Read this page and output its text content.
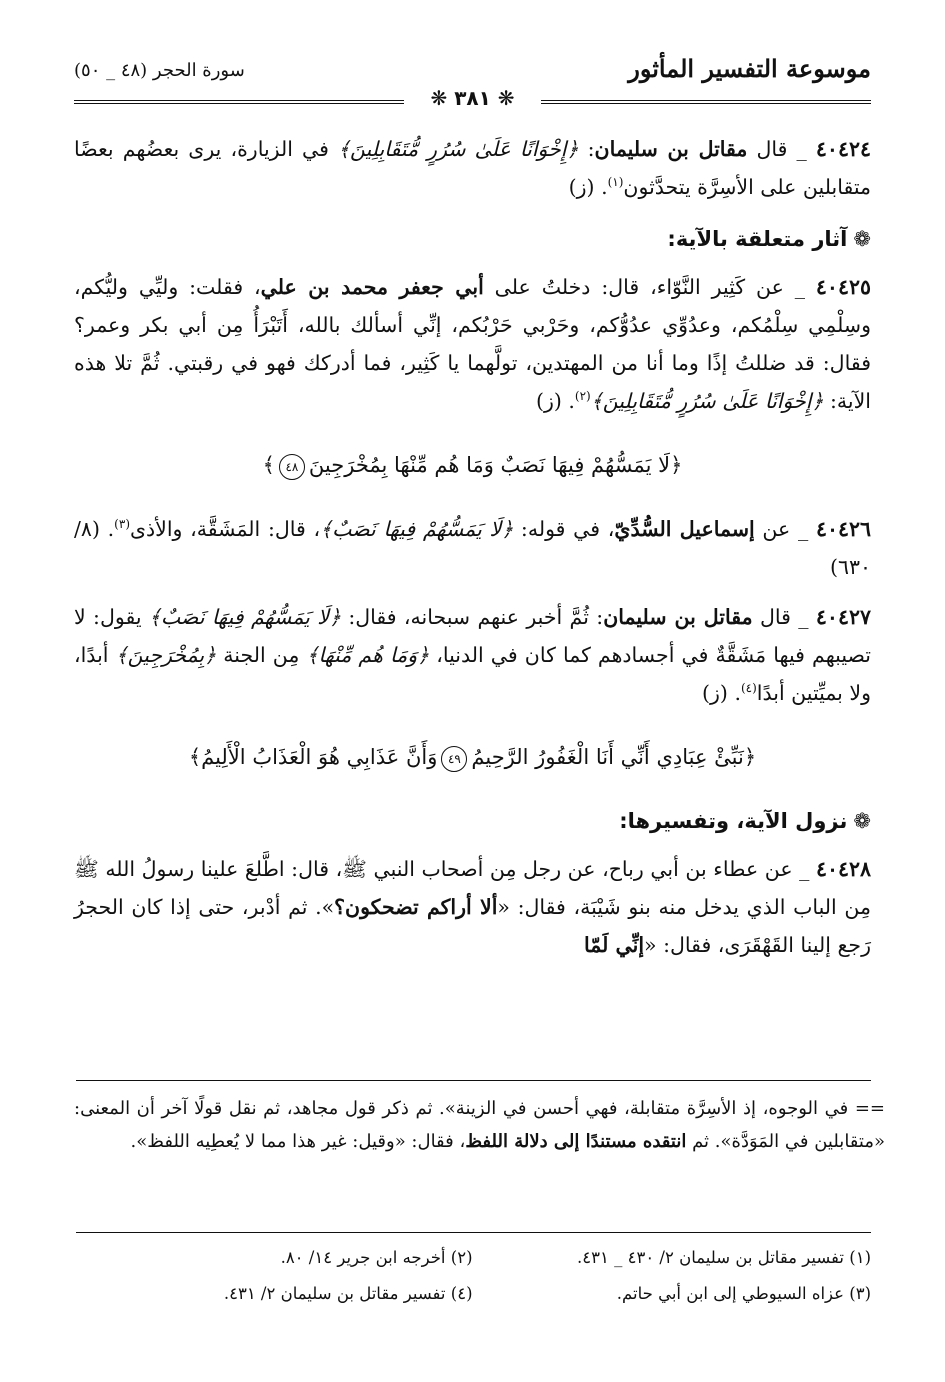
موسوعة التفسير المأثور
سورة الحجر (٤٨ _ ٥٠)
❋ ٣٨١ ❋

٤٠٤٢٤ _ قال مقاتل بن سليمان: ﴿إِخْوَانًا عَلَىٰ سُرُرٍ مُّتَقَابِلِينَ﴾ في الزيارة، يرى بعضُهم بعضًا متقابلين على الأسِرَّة يتحدَّثون$^{(١)}$. (ز)

❁آثار متعلقة بالآية:

٤٠٤٢٥ _ عن كَثِير النَّوّاء، قال: دخلتُ على أبي جعفر محمد بن علي، فقلت: وليِّي وليُّكم، وسِلْمِي سِلْمُكم، وعدُوِّي عدُوُّكم، وحَرْبي حَرْبُكم، إنِّي أسألك بالله، أَتَبْرَأُ مِن أبي بكر وعمر؟ فقال: قد ضللتُ إذًا وما أنا من المهتدين، تولَّهما يا كَثِير، فما أدركك فهو في رقبتي. ثُمَّ تلا هذه الآية: ﴿إِخْوَانًا عَلَىٰ سُرُرٍ مُّتَقَابِلِينَ﴾$^{(٢)}$. (ز)

﴿لَا يَمَسُّهُمْ فِيهَا نَصَبٌ وَمَا هُم مِّنْهَا بِمُخْرَجِينَ٤٨﴾

٤٠٤٢٦ _ عن إسماعيل السُّدِّيّ، في قوله: ﴿لَا يَمَسُّهُمْ فِيهَا نَصَبٌ﴾، قال: المَشَقَّة، والأذى$^{(٣)}$. (٨/ ٦٣٠)

٤٠٤٢٧ _ قال مقاتل بن سليمان: ثُمَّ أخبر عنهم سبحانه، فقال: ﴿لَا يَمَسُّهُمْ فِيهَا نَصَبٌ﴾ يقول: لا تصيبهم فيها مَشَقَّةٌ في أجسادهم كما كان في الدنيا، ﴿وَمَا هُم مِّنْهَا﴾ مِن الجنة ﴿بِمُخْرَجِينَ﴾ أبدًا، ولا بميِّتين أبدًا$^{(٤)}$. (ز)

﴿نَبِّئْ عِبَادِي أَنِّي أَنَا الْغَفُورُ الرَّحِيمُ٤٩وَأَنَّ عَذَابِي هُوَ الْعَذَابُ الْأَلِيمُ﴾
❁نزول الآية، وتفسيرها:

٤٠٤٢٨ _ عن عطاء بن أبي رباح، عن رجل مِن أصحاب النبي ﷺ، قال: اطَّلعَ علينا رسولُ الله ﷺ مِن الباب الذي يدخل منه بنو شَيْبَة، فقال: «ألا أراكم تضحكون؟». ثم أدْبر، حتى إذا كان الحجرُ رَجع إلينا القَهْقَرَى، فقال: «إنِّي لَمّا

== في الوجوه، إذ الأسِرَّة متقابلة، فهي أحسن في الزينة». ثم ذكر قول مجاهد، ثم نقل قولًا آخر أن المعنى: «متقابلين في المَوَدَّة». ثم انتقده مستندًا إلى دلالة اللفظ، فقال: «وقيل: غير هذا مما لا يُعطِيه اللفظ».
(١) تفسير مقاتل بن سليمان ٢/ ٤٣٠ _ ٤٣١.
(٢) أخرجه ابن جرير ١٤/ ٨٠.
(٣) عزاه السيوطي إلى ابن أبي حاتم.
(٤) تفسير مقاتل بن سليمان ٢/ ٤٣١.
